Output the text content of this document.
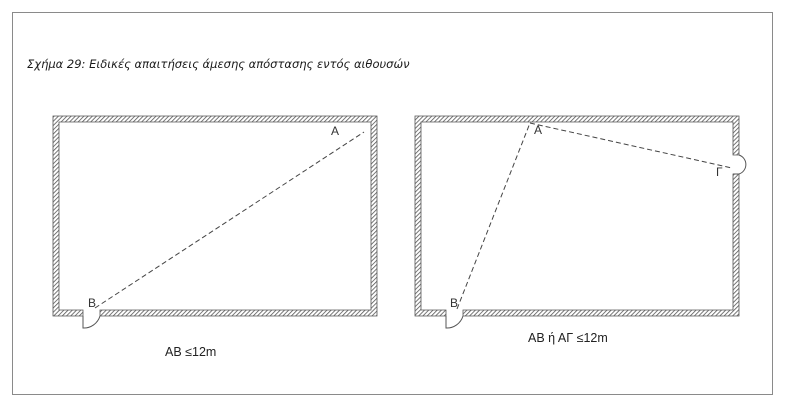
Σχήμα 29: Ειδικές απαιτήσεις άμεσης απόστασης εντός αιθουσών
A
B
AB ≤12m
A
B
Γ
AB ή ΑΓ ≤12m
